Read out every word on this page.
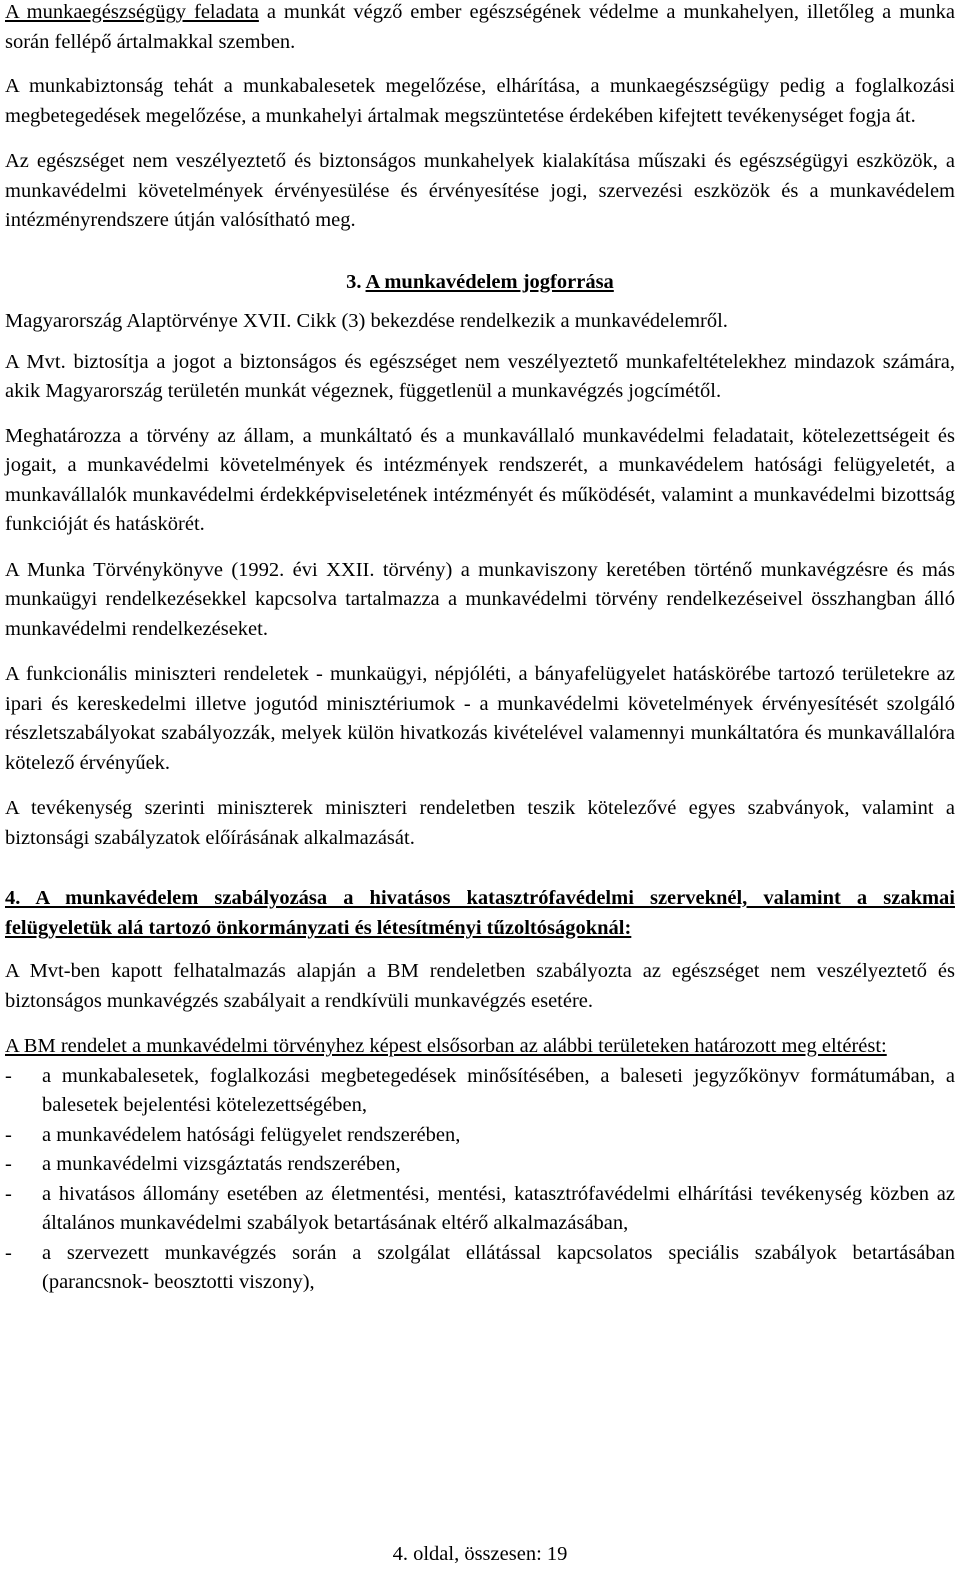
A munkaegészségügy feladata a munkát végző ember egészségének védelme a munkahelyen, illetőleg a munka során fellépő ártalmakkal szemben.

A munkabiztonság tehát a munkabalesetek megelőzése, elhárítása, a munkaegészségügy pedig a foglalkozási megbetegedések megelőzése, a munkahelyi ártalmak megszüntetése érdekében kifejtett tevékenységet fogja át.

Az egészséget nem veszélyeztető és biztonságos munkahelyek kialakítása műszaki és egészségügyi eszközök, a munkavédelmi követelmények érvényesülése és érvényesítése jogi, szervezési eszközök és a munkavédelem intézményrendszere útján valósítható meg.

3. A munkavédelem jogforrása

Magyarország Alaptörvénye XVII. Cikk (3) bekezdése rendelkezik a munkavédelemről.

A Mvt. biztosítja a jogot a biztonságos és egészséget nem veszélyeztető munkafeltételekhez mindazok számára, akik Magyarország területén munkát végeznek, függetlenül a munkavégzés jogcímétől.

Meghatározza a törvény az állam, a munkáltató és a munkavállaló munkavédelmi feladatait, kötelezettségeit és jogait, a munkavédelmi követelmények és intézmények rendszerét, a munkavédelem hatósági felügyeletét, a munkavállalók munkavédelmi érdekképviseletének intézményét és működését, valamint a munkavédelmi bizottság funkcióját és hatáskörét.

A Munka Törvénykönyve (1992. évi XXII. törvény) a munkaviszony keretében történő munkavégzésre és más munkaügyi rendelkezésekkel kapcsolva tartalmazza a munkavédelmi törvény rendelkezéseivel összhangban álló munkavédelmi rendelkezéseket.

A funkcionális miniszteri rendeletek - munkaügyi, népjóléti, a bányafelügyelet hatáskörébe tartozó területekre az ipari és kereskedelmi illetve jogutód minisztériumok - a munkavédelmi követelmények érvényesítését szolgáló részletszabályokat szabályozzák, melyek külön hivatkozás kivételével valamennyi munkáltatóra és munkavállalóra kötelező érvényűek.

A tevékenység szerinti miniszterek miniszteri rendeletben teszik kötelezővé egyes szabványok, valamint a biztonsági szabályzatok előírásának alkalmazását.

4. A munkavédelem szabályozása a hivatásos katasztrófavédelmi szerveknél, valamint a szakmai felügyeletük alá tartozó önkormányzati és létesítményi tűzoltóságoknál:

A Mvt-ben kapott felhatalmazás alapján a BM rendeletben szabályozta az egészséget nem veszélyeztető és biztonságos munkavégzés szabályait a rendkívüli munkavégzés esetére.

A BM rendelet a munkavédelmi törvényhez képest elsősorban az alábbi területeken határozott meg eltérést:

- a munkabalesetek, foglalkozási megbetegedések minősítésében, a baleseti jegyzőkönyv formátumában, a balesetek bejelentési kötelezettségében,
- a munkavédelem hatósági felügyelet rendszerében,
- a munkavédelmi vizsgáztatás rendszerében,
- a hivatásos állomány esetében az életmentési, mentési, katasztrófavédelmi elhárítási tevékenység közben az általános munkavédelmi szabályok betartásának eltérő alkalmazásában,
- a szervezett munkavégzés során a szolgálat ellátással kapcsolatos speciális szabályok betartásában (parancsnok- beosztotti viszony),
4. oldal, összesen: 19
